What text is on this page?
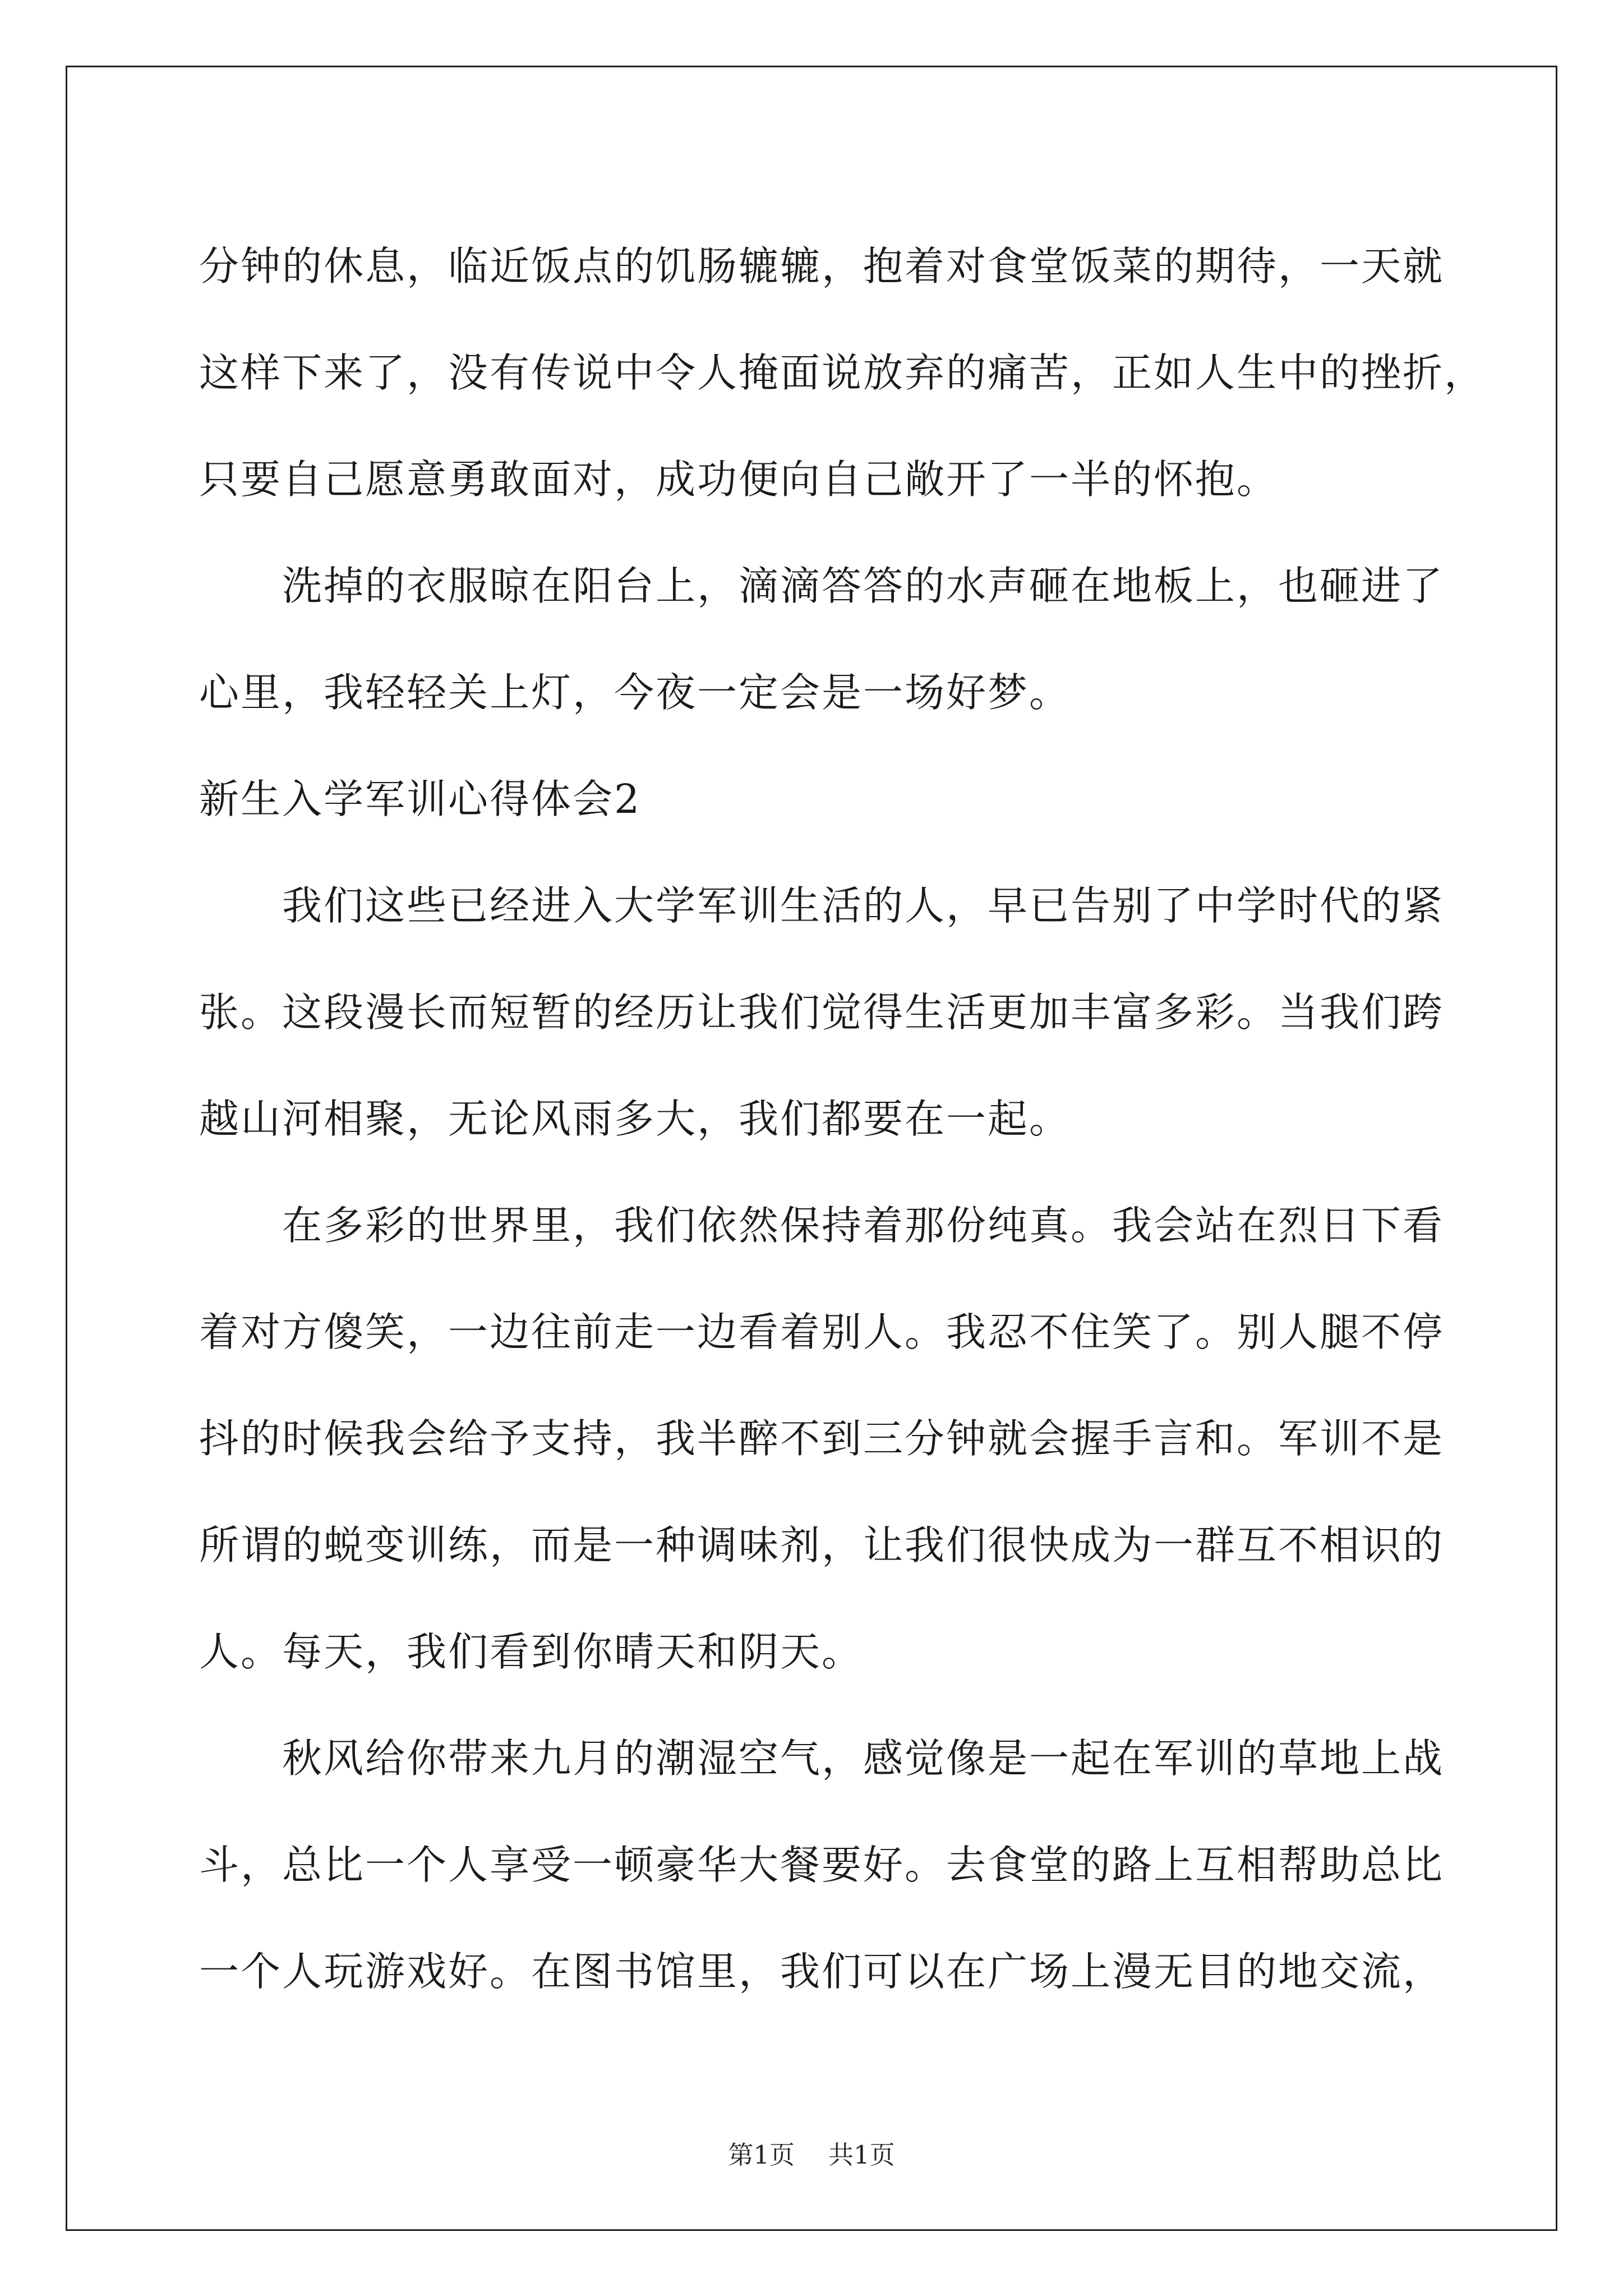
分钟的休息，临近饭点的饥肠辘辘，抱着对食堂饭菜的期待，一天就
这样下来了，没有传说中令人掩面说放弃的痛苦，正如人生中的挫折，
只要自己愿意勇敢面对，成功便向自己敞开了一半的怀抱。
洗掉的衣服晾在阳台上，滴滴答答的水声砸在地板上，也砸进了
心里，我轻轻关上灯，今夜一定会是一场好梦。
新生入学军训心得体会2
我们这些已经进入大学军训生活的人，早已告别了中学时代的紧
张。这段漫长而短暂的经历让我们觉得生活更加丰富多彩。当我们跨
越山河相聚，无论风雨多大，我们都要在一起。
在多彩的世界里，我们依然保持着那份纯真。我会站在烈日下看
着对方傻笑，一边往前走一边看着别人。我忍不住笑了。别人腿不停
抖的时候我会给予支持，我半醉不到三分钟就会握手言和。军训不是
所谓的蜕变训练，而是一种调味剂，让我们很快成为一群互不相识的
人。每天，我们看到你晴天和阴天。
秋风给你带来九月的潮湿空气，感觉像是一起在军训的草地上战
斗，总比一个人享受一顿豪华大餐要好。去食堂的路上互相帮助总比
一个人玩游戏好。在图书馆里，我们可以在广场上漫无目的地交流，
第1页 共1页
